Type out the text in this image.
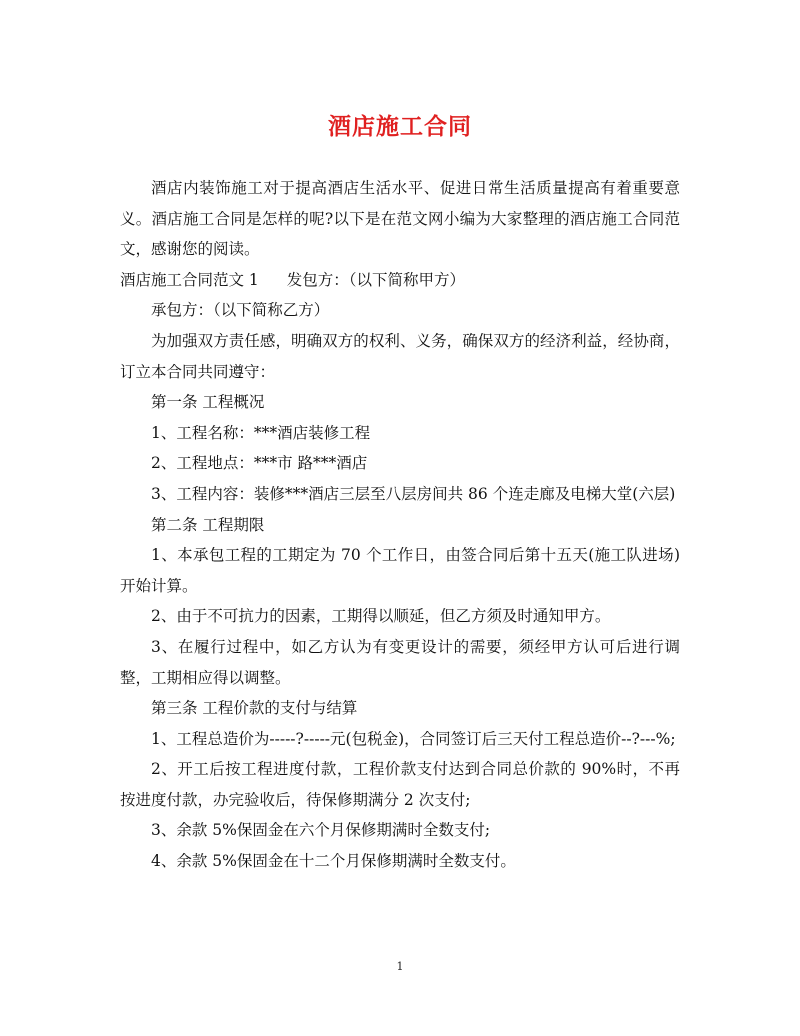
酒店施工合同

酒店内装饰施工对于提高酒店生活水平、促进日常生活质量提高有着重要意义。酒店施工合同是怎样的呢?以下是在范文网小编为大家整理的酒店施工合同范文，感谢您的阅读。

酒店施工合同范文 1 发包方：（以下简称甲方）

承包方：（以下简称乙方）

为加强双方责任感，明确双方的权利、义务，确保双方的经济利益，经协商，订立本合同共同遵守：

第一条 工程概况

1、工程名称：***酒店装修工程

2、工程地点：***市 路***酒店

3、工程内容：装修***酒店三层至八层房间共 86 个连走廊及电梯大堂(六层)

第二条 工程期限

1、本承包工程的工期定为 70 个工作日，由签合同后第十五天(施工队进场)开始计算。

2、由于不可抗力的因素，工期得以顺延，但乙方须及时通知甲方。

3、在履行过程中，如乙方认为有变更设计的需要，须经甲方认可后进行调整，工期相应得以调整。

第三条 工程价款的支付与结算

1、工程总造价为-----?-----元(包税金)，合同签订后三天付工程总造价--?---%;

2、开工后按工程进度付款，工程价款支付达到合同总价款的 90%时，不再按进度付款，办完验收后，待保修期满分 2 次支付;

3、余款 5%保固金在六个月保修期满时全数支付;

4、余款 5%保固金在十二个月保修期满时全数支付。

1
